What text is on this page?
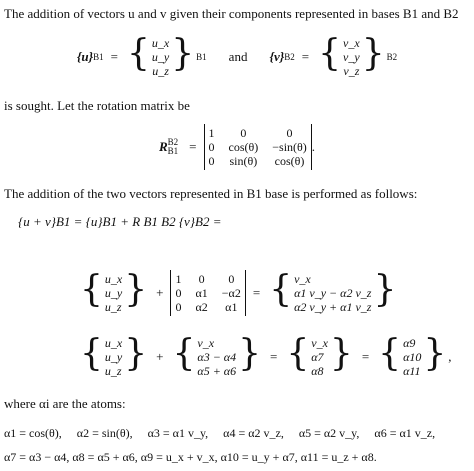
The addition of vectors u and v given their components represented in bases B1 and B2
{u} B1 = { u_x
u_y
u_z } B1 and {v} B2 = { v_x
v_y
v_z } B2
is sought. Let the rotation matrix be
R B2
B1 =
1	0	0
0 cos(θ) −sin(θ)
0 sin(θ) cos(θ)
.
The addition of the two vectors represented in B1 base is performed as follows:
{u + v}B1 = {u}B1 + R B1 B2 {v}B2 =
{ u_x
u_y
u_z } +
1 0	0
0 α1 −α2
0 α2 α1
= { v_x
α1 v_y − α2 v_z
α2 v_y + α1 v_z }
{ u_x
u_y
u_z } + { v_x
α3 − α4
α5 + α6 } = { v_x
α7
α8 } = { α9
α10
α11 } ,
where αi are the atoms:
α1 = cos(θ), α2 = sin(θ), α3 = α1 v_y, α4 = α2 v_z, α5 = α2 v_y, α6 = α1 v_z,
α7 = α3 − α4, α8 = α5 + α6, α9 = u_x + v_x, α10 = u_y + α7, α11 = u_z + α8.
